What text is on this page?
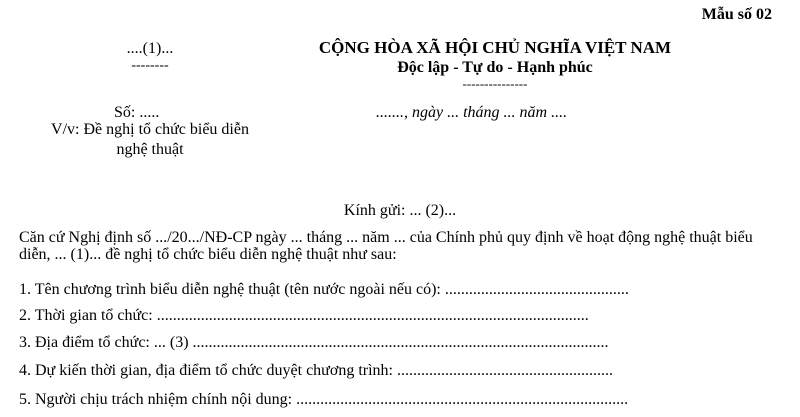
Mẫu số 02
....(1)...
--------
CỘNG HÒA XÃ HỘI CHỦ NGHĨA VIỆT NAM
Độc lập - Tự do - Hạnh phúc
---------------
Số: .....
V/v: Đề nghị tổ chức biểu diễn nghệ thuật
......., ngày ... tháng ... năm ....
Kính gửi: ... (2)...
Căn cứ Nghị định số .../20.../NĐ-CP ngày ... tháng ... năm ... của Chính phủ quy định về hoạt động nghệ thuật biểu diễn, ... (1)... đề nghị tổ chức biểu diễn nghệ thuật như sau:
1. Tên chương trình biểu diễn nghệ thuật (tên nước ngoài nếu có): ..............................................
2. Thời gian tổ chức: ............................................................................................................
3. Địa điểm tổ chức: ... (3) ........................................................................................................
4. Dự kiến thời gian, địa điểm tổ chức duyệt chương trình: ......................................................
5. Người chịu trách nhiệm chính nội dung: ...................................................................................
